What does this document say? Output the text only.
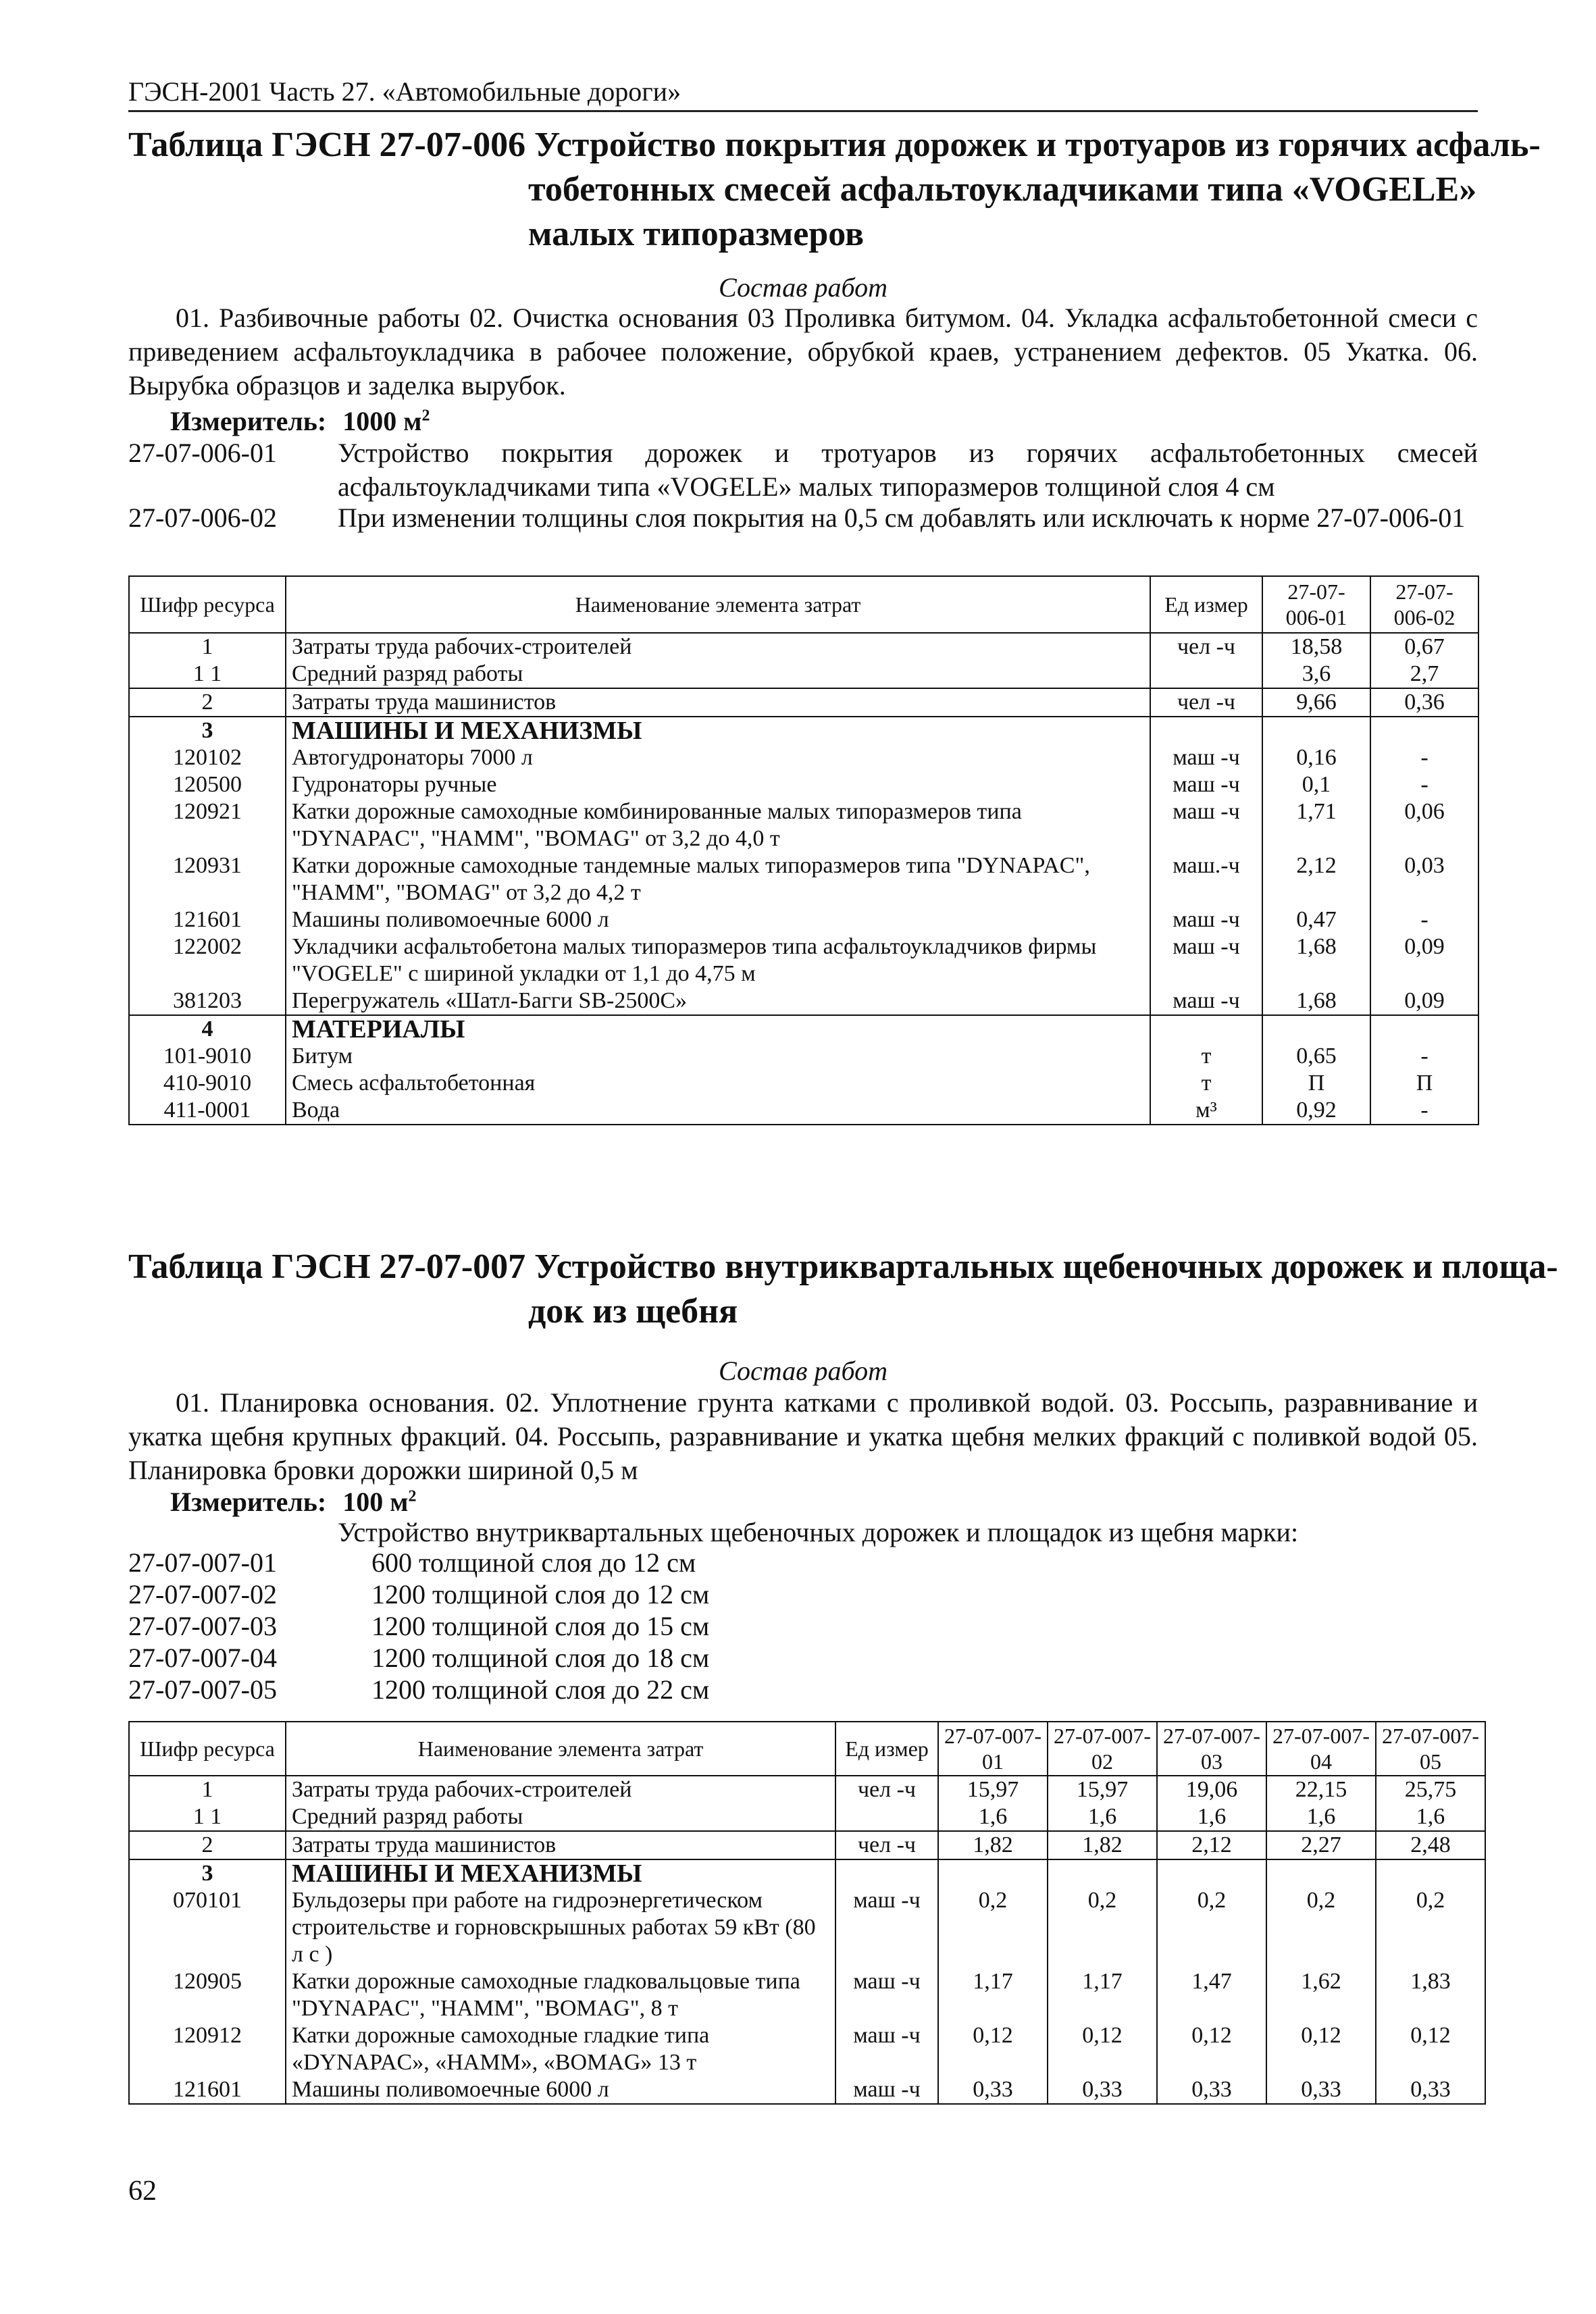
ГЭСН-2001 Часть 27. «Автомобильные дороги»
Таблица ГЭСН 27-07-006 Устройство покрытия дорожек и тротуаров из горячих асфаль-
тобетонных смесей асфальтоукладчиками типа «VOGELE»
малых типоразмеров
Состав работ

01. Разбивочные работы 02. Очистка основания 03 Проливка битумом. 04. Укладка асфальтобетонной смеси с приведением асфальтоукладчика в рабочее положение, обрубкой краев, устранением дефектов. 05 Укатка. 06. Вырубка образцов и заделка вырубок.

Измеритель: 1000 $м^2$
27-07-006-01	Устройство покрытия дорожек и тротуаров из горячих асфальтобетонных смесей асфальтоукладчиками типа «VOGELE» малых типоразмеров толщиной слоя 4 см
27-07-006-02	При изменении толщины слоя покрытия на 0,5 см добавлять или исключать к норме 27-07-006-01
Шифр ресурса	Наименование элемента затрат	Ед измер	27-07-006-01	27-07-006-02
1	Затраты труда рабочих-строителей	чел -ч	18,58	0,67
1 1	Средний разряд работы		3,6	2,7
2	Затраты труда машинистов	чел -ч	9,66	0,36
3	МАШИНЫ И МЕХАНИЗМЫ			
120102	Автогудронаторы 7000 л	маш -ч	0,16	-
120500	Гудронаторы ручные	маш -ч	0,1	-
120921	Катки дорожные самоходные комбинированные малых типоразмеров типа "DYNAPAC", "HAMM", "BOMAG" от 3,2 до 4,0 т	маш -ч	1,71	0,06
120931	Катки дорожные самоходные тандемные малых типоразмеров типа "DYNAPAC", "HAMM", "BOMAG" от 3,2 до 4,2 т	маш.-ч	2,12	0,03
121601	Машины поливомоечные 6000 л	маш -ч	0,47	-
122002	Укладчики асфальтобетона малых типоразмеров типа асфальтоукладчиков фирмы "VOGELE" с шириной укладки от 1,1 до 4,75 м	маш -ч	1,68	0,09
381203	Перегружатель «Шатл-Багги SB-2500C»	маш -ч	1,68	0,09
4	МАТЕРИАЛЫ			
101-9010	Битум	т	0,65	-
410-9010	Смесь асфальтобетонная	т	П	П
411-0001	Вода	м³	0,92	-
Таблица ГЭСН 27-07-007 Устройство внутриквартальных щебеночных дорожек и площа-
док из щебня
Состав работ

01. Планировка основания. 02. Уплотнение грунта катками с проливкой водой. 03. Россыпь, разравнивание и укатка щебня крупных фракций. 04. Россыпь, разравнивание и укатка щебня мелких фракций с поливкой водой 05. Планировка бровки дорожки шириной 0,5 м

Измеритель: 100 $м^2$
Устройство внутриквартальных щебеночных дорожек и площадок из щебня марки:
27-07-007-01	600 толщиной слоя до 12 см
27-07-007-02	1200 толщиной слоя до 12 см
27-07-007-03	1200 толщиной слоя до 15 см
27-07-007-04	1200 толщиной слоя до 18 см
27-07-007-05	1200 толщиной слоя до 22 см
Шифр ресурса	Наименование элемента затрат	Ед измер	27-07-007-01	27-07-007-02	27-07-007-03	27-07-007-04	27-07-007-05
1	Затраты труда рабочих-строителей	чел -ч	15,97	15,97	19,06	22,15	25,75
1 1	Средний разряд работы		1,6	1,6	1,6	1,6	1,6
2	Затраты труда машинистов	чел -ч	1,82	1,82	2,12	2,27	2,48
3	МАШИНЫ И МЕХАНИЗМЫ						
070101	Бульдозеры при работе на гидроэнергетическом строительстве и горновскрышных работах 59 кВт (80 л с )	маш -ч	0,2	0,2	0,2	0,2	0,2
120905	Катки дорожные самоходные гладковальцовые типа "DYNAPAC", "HAMM", "BOMAG", 8 т	маш -ч	1,17	1,17	1,47	1,62	1,83
120912	Катки дорожные самоходные гладкие типа «DYNAPAC», «HAMM», «BOMAG» 13 т	маш -ч	0,12	0,12	0,12	0,12	0,12
121601	Машины поливомоечные 6000 л	маш -ч	0,33	0,33	0,33	0,33	0,33
62
